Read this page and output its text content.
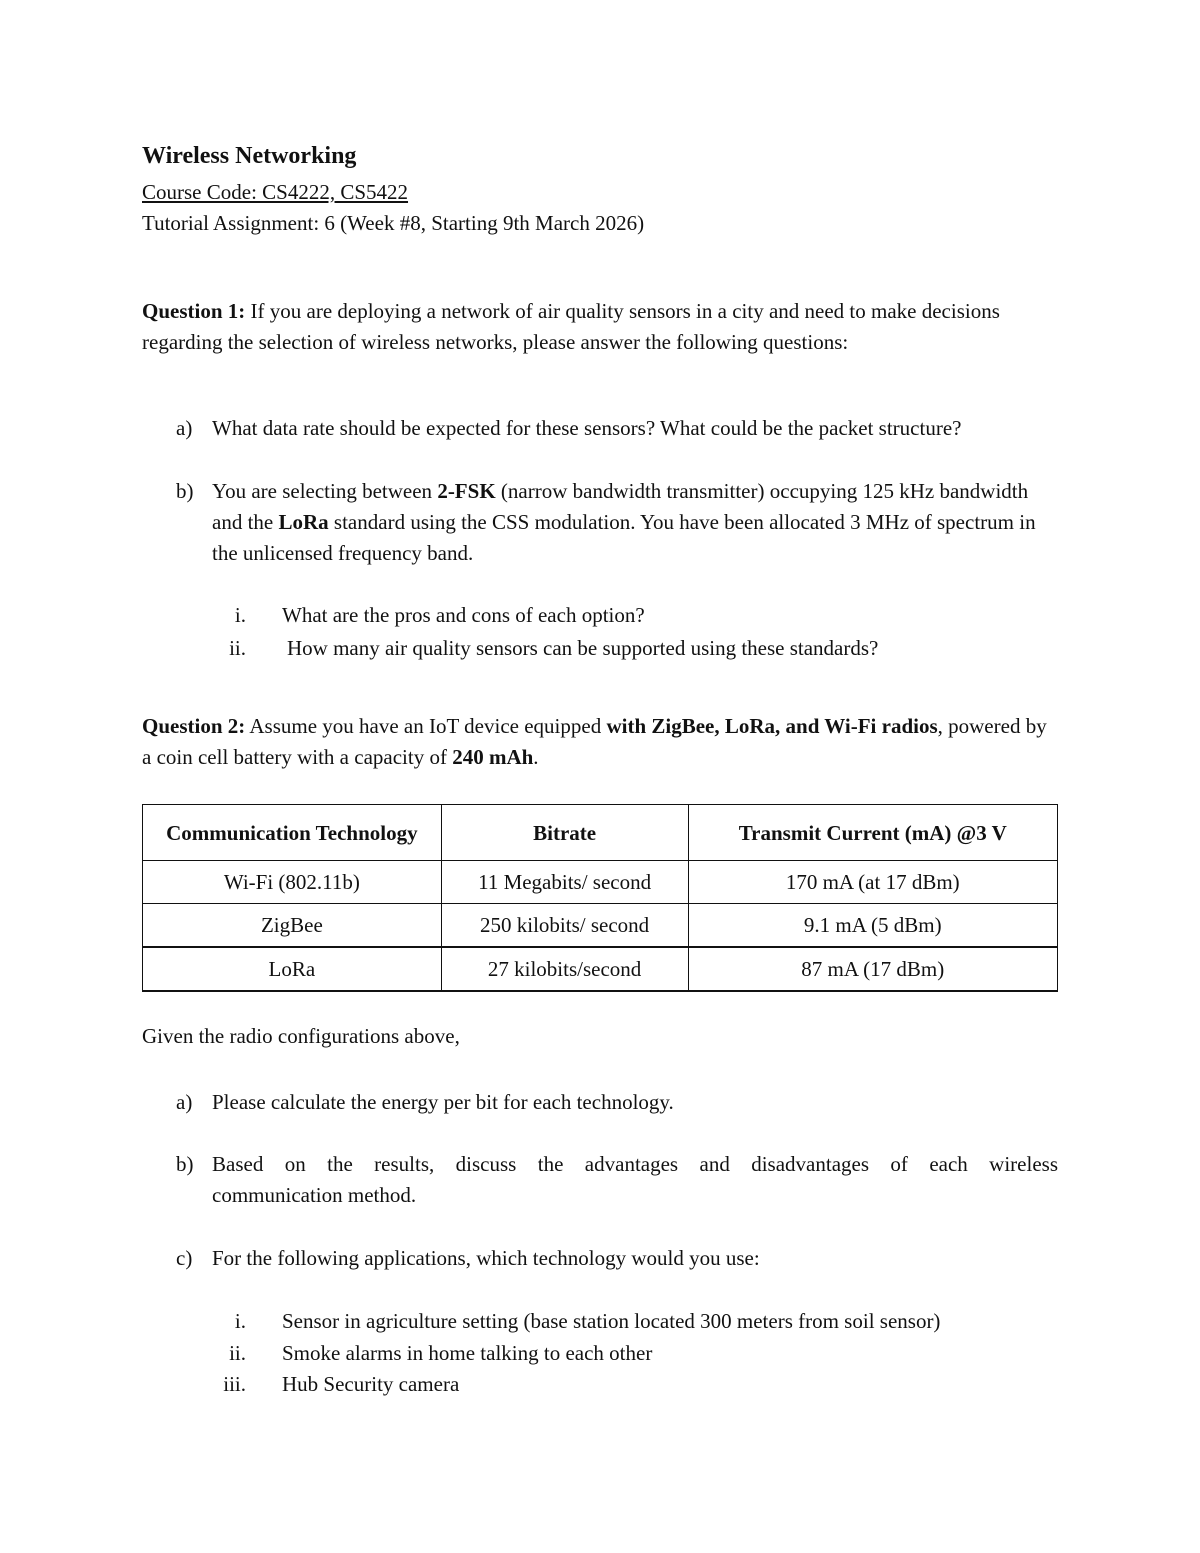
Wireless Networking

Course Code: CS4222, CS5422

Tutorial Assignment: 6 (Week #8, Starting 9th March 2026)

Question 1: If you are deploying a network of air quality sensors in a city and need to make decisions regarding the selection of wireless networks, please answer the following questions:

a) What data rate should be expected for these sensors? What could be the packet structure?
b) You are selecting between 2-FSK (narrow bandwidth transmitter) occupying 125 kHz bandwidth and the LoRa standard using the CSS modulation. You have been allocated 3 MHz of spectrum in the unlicensed frequency band.
i. What are the pros and cons of each option?
ii. How many air quality sensors can be supported using these standards?

Question 2: Assume you have an IoT device equipped with ZigBee, LoRa, and Wi-Fi radios, powered by a coin cell battery with a capacity of 240 mAh.

Communication Technology	Bitrate	Transmit Current (mA) @3 V
Wi-Fi (802.11b)	11 Megabits/ second	170 mA (at 17 dBm)
ZigBee	250 kilobits/ second	9.1 mA (5 dBm)
LoRa	27 kilobits/second	87 mA (17 dBm)

Given the radio configurations above,

a) Please calculate the energy per bit for each technology.
b) Based on the results, discuss the advantages and disadvantages of each wireless
communication method.
c) For the following applications, which technology would you use:
i. Sensor in agriculture setting (base station located 300 meters from soil sensor)
ii. Smoke alarms in home talking to each other
iii. Hub Security camera
